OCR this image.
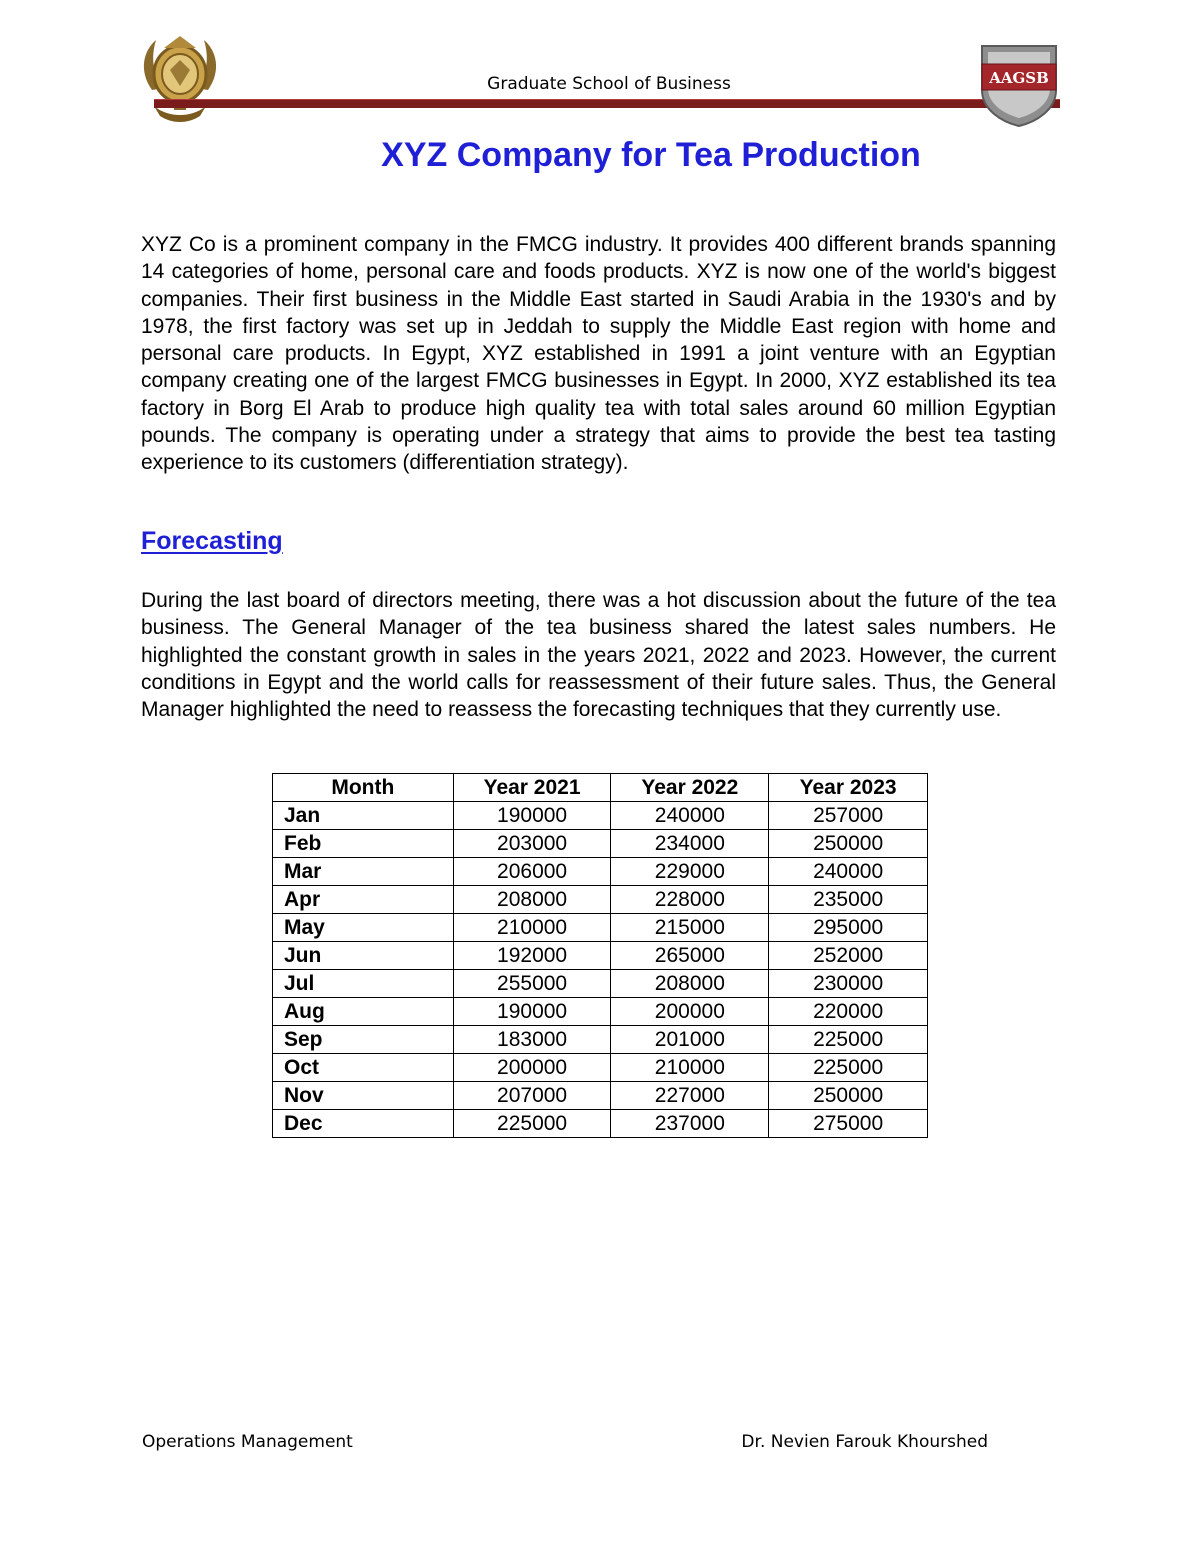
Graduate School of Business	AAGSB
XYZ Company for Tea Production
XYZ Co is a prominent company in the FMCG industry. It provides 400 different brands spanning 14 categories of home, personal care and foods products. XYZ is now one of the world's biggest companies. Their first business in the Middle East started in Saudi Arabia in the 1930's and by 1978, the first factory was set up in Jeddah to supply the Middle East region with home and personal care products. In Egypt, XYZ established in 1991 a joint venture with an Egyptian company creating one of the largest FMCG businesses in Egypt. In 2000, XYZ established its tea factory in Borg El Arab to produce high quality tea with total sales around 60 million Egyptian pounds. The company is operating under a strategy that aims to provide the best tea tasting experience to its customers (differentiation strategy).
Forecasting
During the last board of directors meeting, there was a hot discussion about the future of the tea business. The General Manager of the tea business shared the latest sales numbers. He highlighted the constant growth in sales in the years 2021, 2022 and 2023. However, the current conditions in Egypt and the world calls for reassessment of their future sales. Thus, the General Manager highlighted the need to reassess the forecasting techniques that they currently use.
Month	Year 2021	Year 2022	Year 2023
Jan	190000	240000	257000
Feb	203000	234000	250000
Mar	206000	229000	240000
Apr	208000	228000	235000
May	210000	215000	295000
Jun	192000	265000	252000
Jul	255000	208000	230000
Aug	190000	200000	220000
Sep	183000	201000	225000
Oct	200000	210000	225000
Nov	207000	227000	250000
Dec	225000	237000	275000
Operations Management	Dr. Nevien Farouk Khourshed
